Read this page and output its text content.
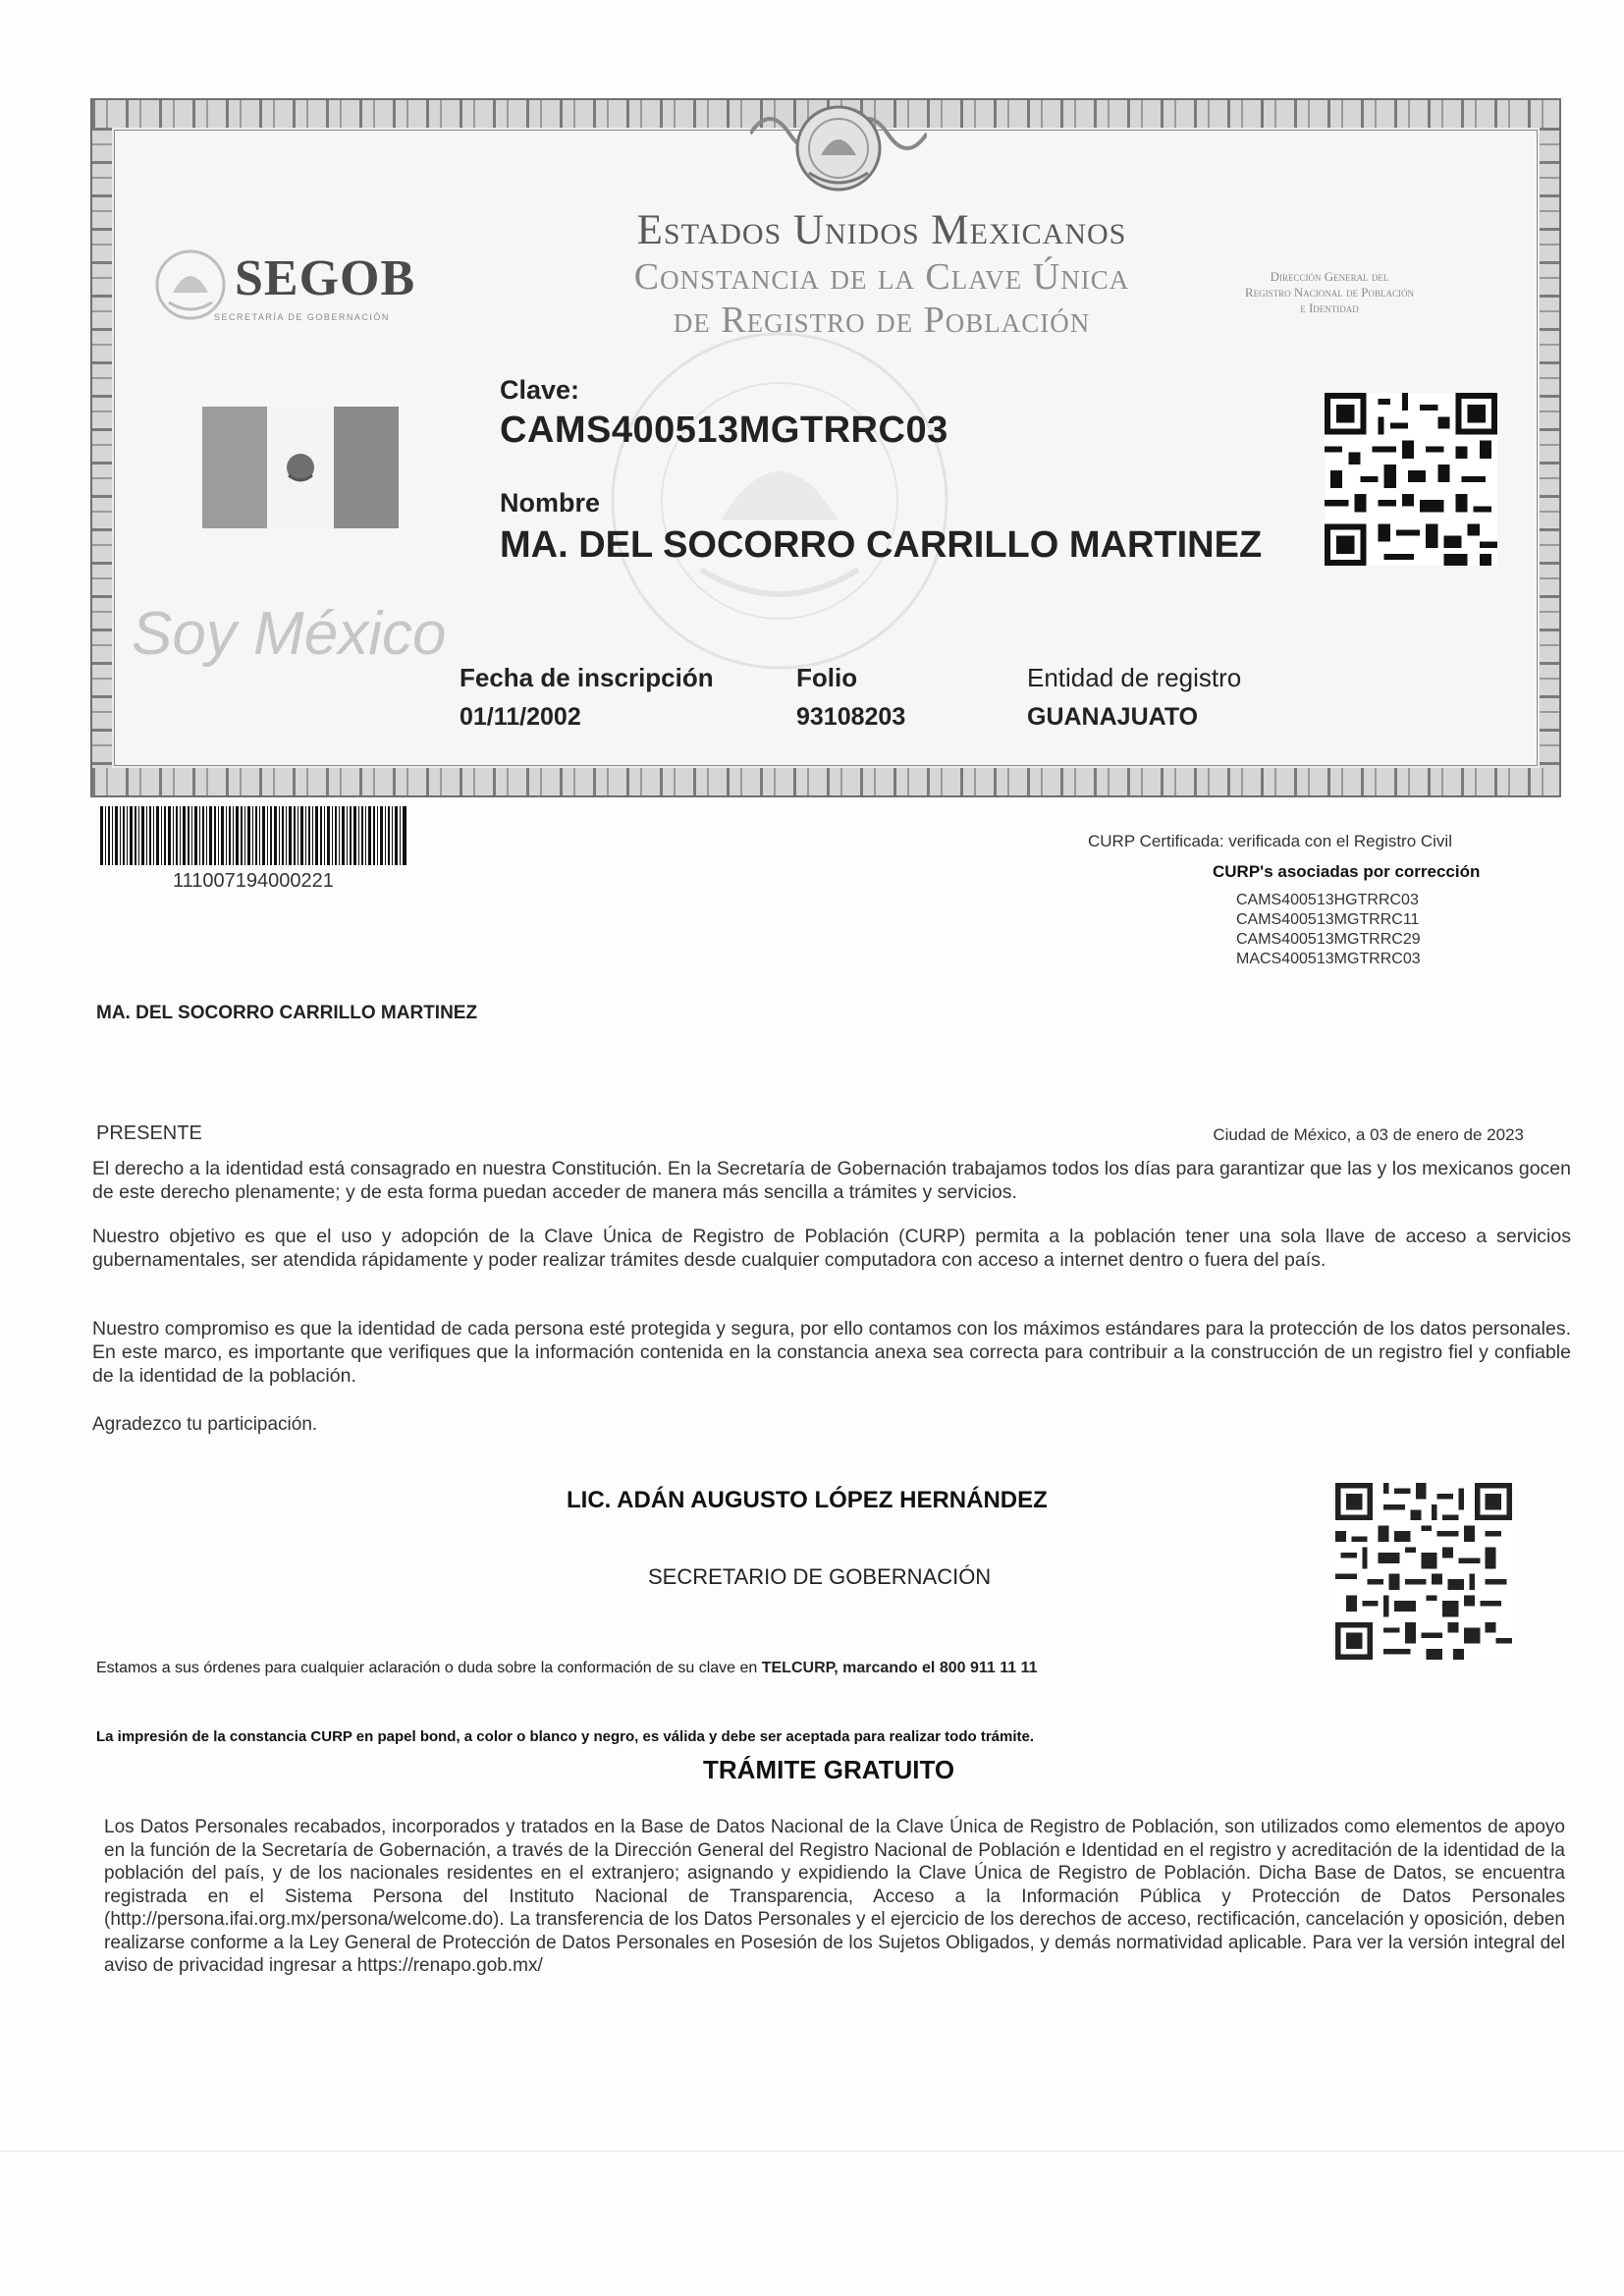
SEGOB
SECRETARÍA DE GOBERNACIÓN
Estados Unidos Mexicanos
Constancia de la Clave Única
de Registro de Población
Dirección General del
Registro Nacional de Población
e Identidad
Soy México
Clave:
CAMS400513MGTRRC03
Nombre
MA. DEL SOCORRO CARRILLO MARTINEZ
Fecha de inscripción
01/11/2002
Folio
93108203
Entidad de registro
GUANAJUATO
111007194000221
CURP Certificada: verificada con el Registro Civil
CURP's asociadas por corrección
CAMS400513HGTRRC03
CAMS400513MGTRRC11
CAMS400513MGTRRC29
MACS400513MGTRRC03
MA. DEL SOCORRO CARRILLO MARTINEZ
PRESENTE	Ciudad de México, a 03 de enero de 2023

El derecho a la identidad está consagrado en nuestra Constitución. En la Secretaría de Gobernación trabajamos todos los días para garantizar que las y los mexicanos gocen de este derecho plenamente; y de esta forma puedan acceder de manera más sencilla a trámites y servicios.

Nuestro objetivo es que el uso y adopción de la Clave Única de Registro de Población (CURP) permita a la población tener una sola llave de acceso a servicios gubernamentales, ser atendida rápidamente y poder realizar trámites desde cualquier computadora con acceso a internet dentro o fuera del país.

Nuestro compromiso es que la identidad de cada persona esté protegida y segura, por ello contamos con los máximos estándares para la protección de los datos personales. En este marco, es importante que verifiques que la información contenida en la constancia anexa sea correcta para contribuir a la construcción de un registro fiel y confiable de la identidad de la población.

Agradezco tu participación.
LIC. ADÁN AUGUSTO LÓPEZ HERNÁNDEZ
SECRETARIO DE GOBERNACIÓN
Estamos a sus órdenes para cualquier aclaración o duda sobre la conformación de su clave en TELCURP, marcando el 800 911 11 11
La impresión de la constancia CURP en papel bond, a color o blanco y negro, es válida y debe ser aceptada para realizar todo trámite.
TRÁMITE GRATUITO

Los Datos Personales recabados, incorporados y tratados en la Base de Datos Nacional de la Clave Única de Registro de Población, son utilizados como elementos de apoyo en la función de la Secretaría de Gobernación, a través de la Dirección General del Registro Nacional de Población e Identidad en el registro y acreditación de la identidad de la población del país, y de los nacionales residentes en el extranjero; asignando y expidiendo la Clave Única de Registro de Población. Dicha Base de Datos, se encuentra registrada en el Sistema Persona del Instituto Nacional de Transparencia, Acceso a la Información Pública y Protección de Datos Personales (http://persona.ifai.org.mx/persona/welcome.do). La transferencia de los Datos Personales y el ejercicio de los derechos de acceso, rectificación, cancelación y oposición, deben realizarse conforme a la Ley General de Protección de Datos Personales en Posesión de los Sujetos Obligados, y demás normatividad aplicable. Para ver la versión integral del aviso de privacidad ingresar a https://renapo.gob.mx/
